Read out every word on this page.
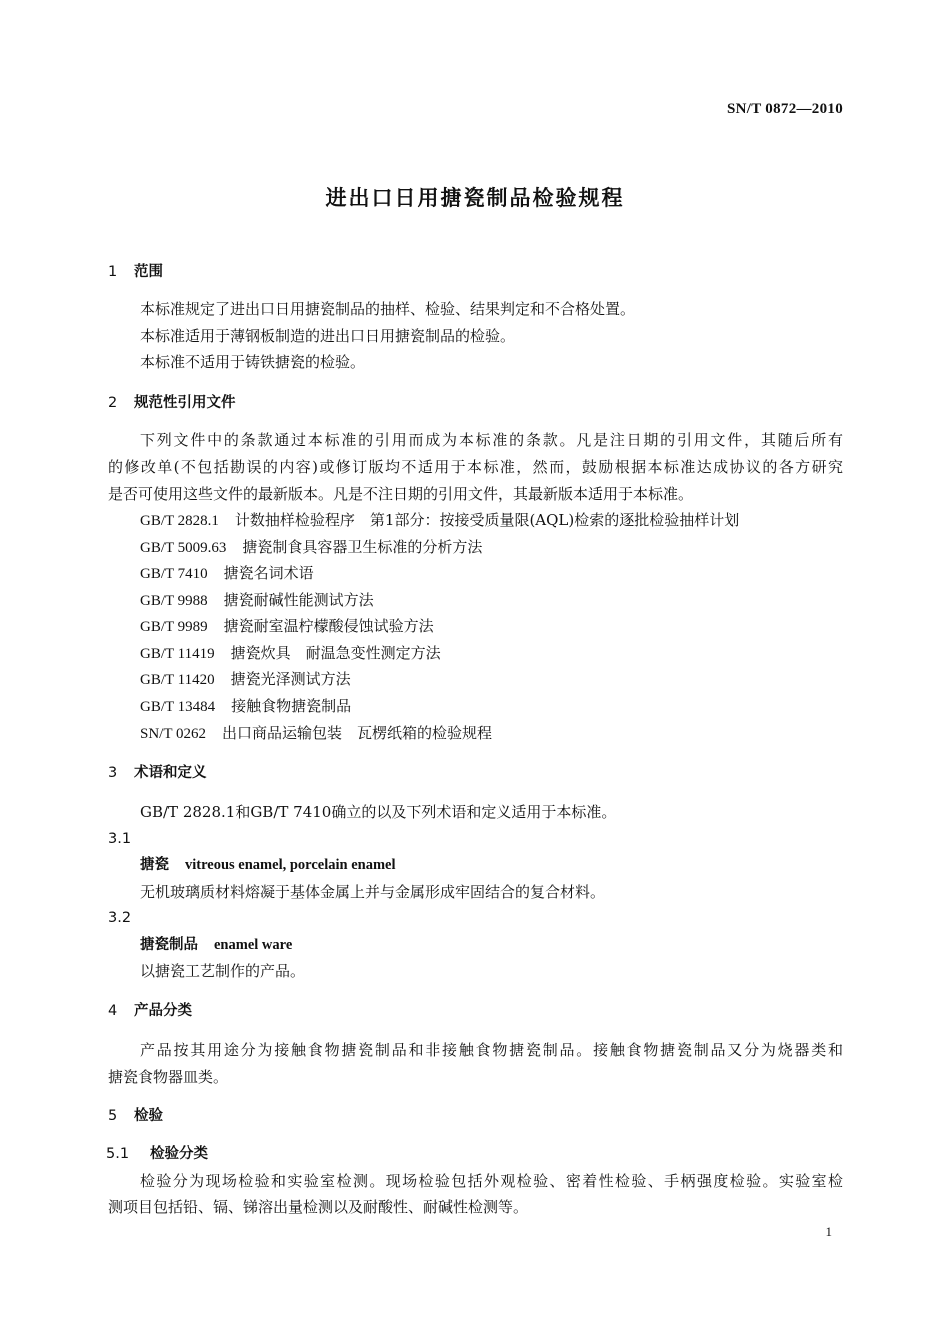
SN/T 0872—2010
进出口日用搪瓷制品检验规程
1 范围
本标准规定了进出口日用搪瓷制品的抽样、检验、结果判定和不合格处置。
本标准适用于薄钢板制造的进出口日用搪瓷制品的检验。
本标准不适用于铸铁搪瓷的检验。
2 规范性引用文件
下列文件中的条款通过本标准的引用而成为本标准的条款。凡是注日期的引用文件，其随后所有
的修改单(不包括勘误的内容)或修订版均不适用于本标准，然而，鼓励根据本标准达成协议的各方研究
是否可使用这些文件的最新版本。凡是不注日期的引用文件，其最新版本适用于本标准。
GB/T 2828.1 计数抽样检验程序　第1部分：按接受质量限(AQL)检索的逐批检验抽样计划
GB/T 5009.63 搪瓷制食具容器卫生标准的分析方法
GB/T 7410 搪瓷名词术语
GB/T 9988 搪瓷耐碱性能测试方法
GB/T 9989 搪瓷耐室温柠檬酸侵蚀试验方法
GB/T 11419 搪瓷炊具　耐温急变性测定方法
GB/T 11420 搪瓷光泽测试方法
GB/T 13484 接触食物搪瓷制品
SN/T 0262 出口商品运输包装　瓦楞纸箱的检验规程
3 术语和定义
GB/T 2828.1和GB/T 7410确立的以及下列术语和定义适用于本标准。
3.1
搪瓷 vitreous enamel, porcelain enamel
无机玻璃质材料熔凝于基体金属上并与金属形成牢固结合的复合材料。
3.2
搪瓷制品 enamel ware
以搪瓷工艺制作的产品。
4 产品分类
产品按其用途分为接触食物搪瓷制品和非接触食物搪瓷制品。接触食物搪瓷制品又分为烧器类和
搪瓷食物器皿类。
5 检验
5.1 检验分类
检验分为现场检验和实验室检测。现场检验包括外观检验、密着性检验、手柄强度检验。实验室检
测项目包括铅、镉、锑溶出量检测以及耐酸性、耐碱性检测等。
1
